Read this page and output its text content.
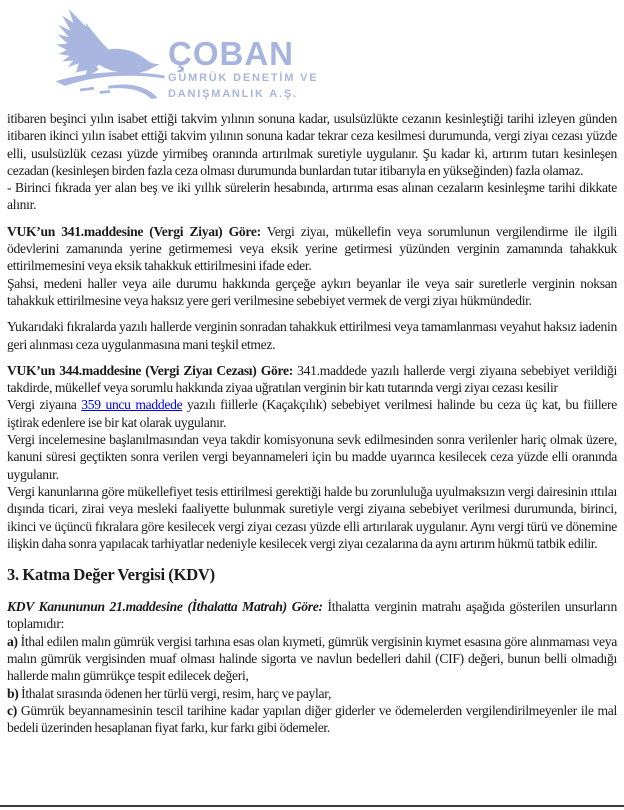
ÇOBAN
GÜMRÜK DENETİM VE
DANIŞMANLIK A.Ş.
itibaren beşinci yılın isabet ettiği takvim yılının sonuna kadar, usulsüzlükte cezanın kesinleştiği tarihi izleyen günden itibaren ikinci yılın isabet ettiği takvim yılının sonuna kadar tekrar ceza kesilmesi durumunda, vergi ziyaı cezası yüzde elli, usulsüzlük cezası yüzde yirmibeş oranında artırılmak suretiyle uygulanır. Şu kadar ki, artırım tutarı kesinleşen cezadan (kesinleşen birden fazla ceza olması durumunda bunlardan tutar itibarıyla en yükseğinden) fazla olamaz.
- Birinci fıkrada yer alan beş ve iki yıllık sürelerin hesabında, artırıma esas alınan cezaların kesinleşme tarihi dikkate alınır.
VUK’un 341.maddesine (Vergi Ziyaı) Göre: Vergi ziyaı, mükellefin veya sorumlunun vergilendirme ile ilgili ödevlerini zamanında yerine getirmemesi veya eksik yerine getirmesi yüzünden verginin zamanında tahakkuk ettirilmemesini veya eksik tahakkuk ettirilmesini ifade eder.
Şahsi, medeni haller veya aile durumu hakkında gerçeğe aykırı beyanlar ile veya sair suretlerle verginin noksan tahakkuk ettirilmesine veya haksız yere geri verilmesine sebebiyet vermek de vergi ziyaı hükmündedir.
Yukarıdaki fıkralarda yazılı hallerde verginin sonradan tahakkuk ettirilmesi veya tamamlanması veyahut haksız iadenin geri alınması ceza uygulanmasına mani teşkil etmez.
VUK’un 344.maddesine (Vergi Ziyaı Cezası) Göre: 341.maddede yazılı hallerde vergi ziyaına sebebiyet verildiği takdirde, mükellef veya sorumlu hakkında ziyaa uğratılan verginin bir katı tutarında vergi ziyaı cezası kesilir
Vergi ziyaına 359 uncu maddede yazılı fiillerle (Kaçakçılık) sebebiyet verilmesi halinde bu ceza üç kat, bu fiillere iştirak edenlere ise bir kat olarak uygulanır.
Vergi incelemesine başlanılmasından veya takdir komisyonuna sevk edilmesinden sonra verilenler hariç olmak üzere, kanuni süresi geçtikten sonra verilen vergi beyannameleri için bu madde uyarınca kesilecek ceza yüzde elli oranında uygulanır.
Vergi kanunlarına göre mükellefiyet tesis ettirilmesi gerektiği halde bu zorunluluğa uyulmaksızın vergi dairesinin ıttılaı dışında ticari, zirai veya mesleki faaliyette bulunmak suretiyle vergi ziyaına sebebiyet verilmesi durumunda, birinci, ikinci ve üçüncü fıkralara göre kesilecek vergi ziyaı cezası yüzde elli artırılarak uygulanır. Aynı vergi türü ve dönemine ilişkin daha sonra yapılacak tarhiyatlar nedeniyle kesilecek vergi ziyaı cezalarına da aynı artırım hükmü tatbik edilir.
3. Katma Değer Vergisi (KDV)
KDV Kanununun 21.maddesine (İthalatta Matrah) Göre: İthalatta verginin matrahı aşağıda gösterilen unsurların toplamıdır:
a) İthal edilen malın gümrük vergisi tarhına esas olan kıymeti, gümrük vergisinin kıymet esasına göre alınmaması veya malın gümrük vergisinden muaf olması halinde sigorta ve navlun bedelleri dahil (CIF) değeri, bunun belli olmadığı hallerde malın gümrükçe tespit edilecek değeri,
b) İthalat sırasında ödenen her türlü vergi, resim, harç ve paylar,
c) Gümrük beyannamesinin tescil tarihine kadar yapılan diğer giderler ve ödemelerden vergilendirilmeyenler ile mal bedeli üzerinden hesaplanan fiyat farkı, kur farkı gibi ödemeler.
